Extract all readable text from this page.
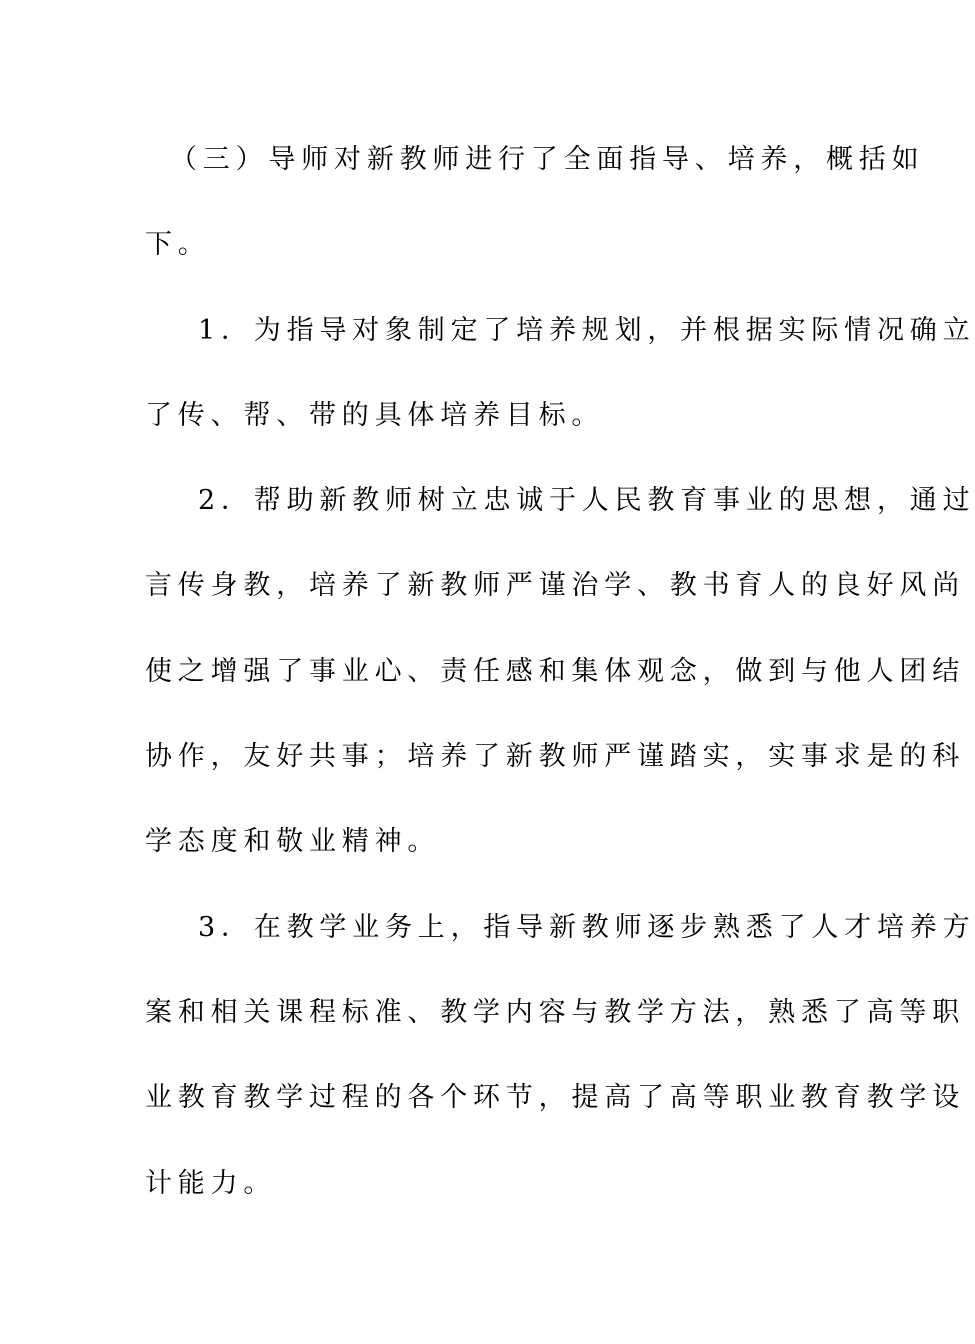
（三）导师对新教师进行了全面指导、培养，概括如
下。
1．为指导对象制定了培养规划，并根据实际情况确立
了传、帮、带的具体培养目标。
2．帮助新教师树立忠诚于人民教育事业的思想，通过
言传身教，培养了新教师严谨治学、教书育人的良好风尚
使之增强了事业心、责任感和集体观念，做到与他人团结
协作，友好共事；培养了新教师严谨踏实，实事求是的科
学态度和敬业精神。
3．在教学业务上，指导新教师逐步熟悉了人才培养方
案和相关课程标准、教学内容与教学方法，熟悉了高等职
业教育教学过程的各个环节，提高了高等职业教育教学设
计能力。
